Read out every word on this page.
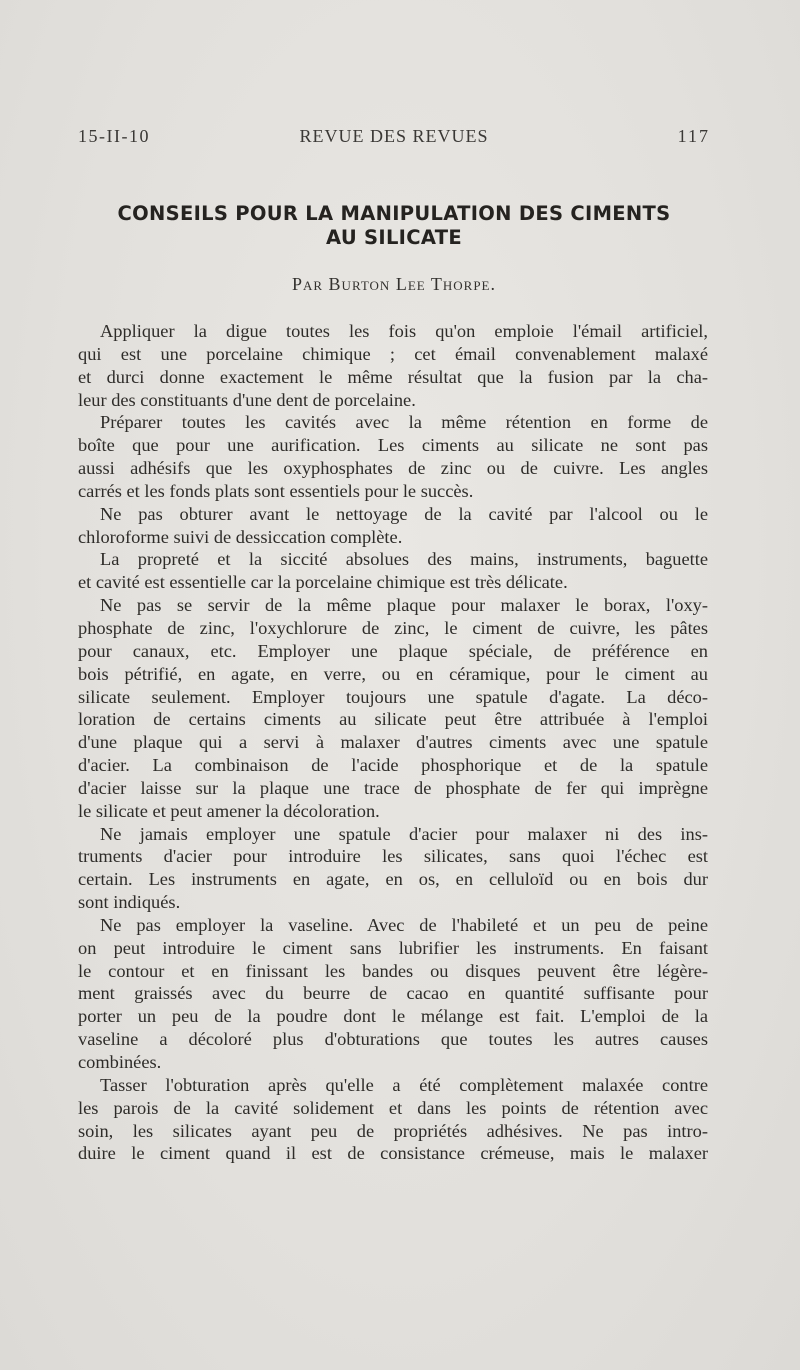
15-II-10	REVUE DES REVUES	117
CONSEILS POUR LA MANIPULATION DES CIMENTS
AU SILICATE
Par Burton Lee Thorpe.
Appliquer la digue toutes les fois qu'on emploie l'émail artificiel,
qui est une porcelaine chimique ; cet émail convenablement malaxé
et durci donne exactement le même résultat que la fusion par la cha-
leur des constituants d'une dent de porcelaine.
Préparer toutes les cavités avec la même rétention en forme de
boîte que pour une aurification. Les ciments au silicate ne sont pas
aussi adhésifs que les oxyphosphates de zinc ou de cuivre. Les angles
carrés et les fonds plats sont essentiels pour le succès.
Ne pas obturer avant le nettoyage de la cavité par l'alcool ou le
chloroforme suivi de dessiccation complète.
La propreté et la siccité absolues des mains, instruments, baguette
et cavité est essentielle car la porcelaine chimique est très délicate.
Ne pas se servir de la même plaque pour malaxer le borax, l'oxy-
phosphate de zinc, l'oxychlorure de zinc, le ciment de cuivre, les pâtes
pour canaux, etc. Employer une plaque spéciale, de préférence en
bois pétrifié, en agate, en verre, ou en céramique, pour le ciment au
silicate seulement. Employer toujours une spatule d'agate. La déco-
loration de certains ciments au silicate peut être attribuée à l'emploi
d'une plaque qui a servi à malaxer d'autres ciments avec une spatule
d'acier. La combinaison de l'acide phosphorique et de la spatule
d'acier laisse sur la plaque une trace de phosphate de fer qui imprègne
le silicate et peut amener la décoloration.
Ne jamais employer une spatule d'acier pour malaxer ni des ins-
truments d'acier pour introduire les silicates, sans quoi l'échec est
certain. Les instruments en agate, en os, en celluloïd ou en bois dur
sont indiqués.
Ne pas employer la vaseline. Avec de l'habileté et un peu de peine
on peut introduire le ciment sans lubrifier les instruments. En faisant
le contour et en finissant les bandes ou disques peuvent être légère-
ment graissés avec du beurre de cacao en quantité suffisante pour
porter un peu de la poudre dont le mélange est fait. L'emploi de la
vaseline a décoloré plus d'obturations que toutes les autres causes
combinées.
Tasser l'obturation après qu'elle a été complètement malaxée contre
les parois de la cavité solidement et dans les points de rétention avec
soin, les silicates ayant peu de propriétés adhésives. Ne pas intro-
duire le ciment quand il est de consistance crémeuse, mais le malaxer
